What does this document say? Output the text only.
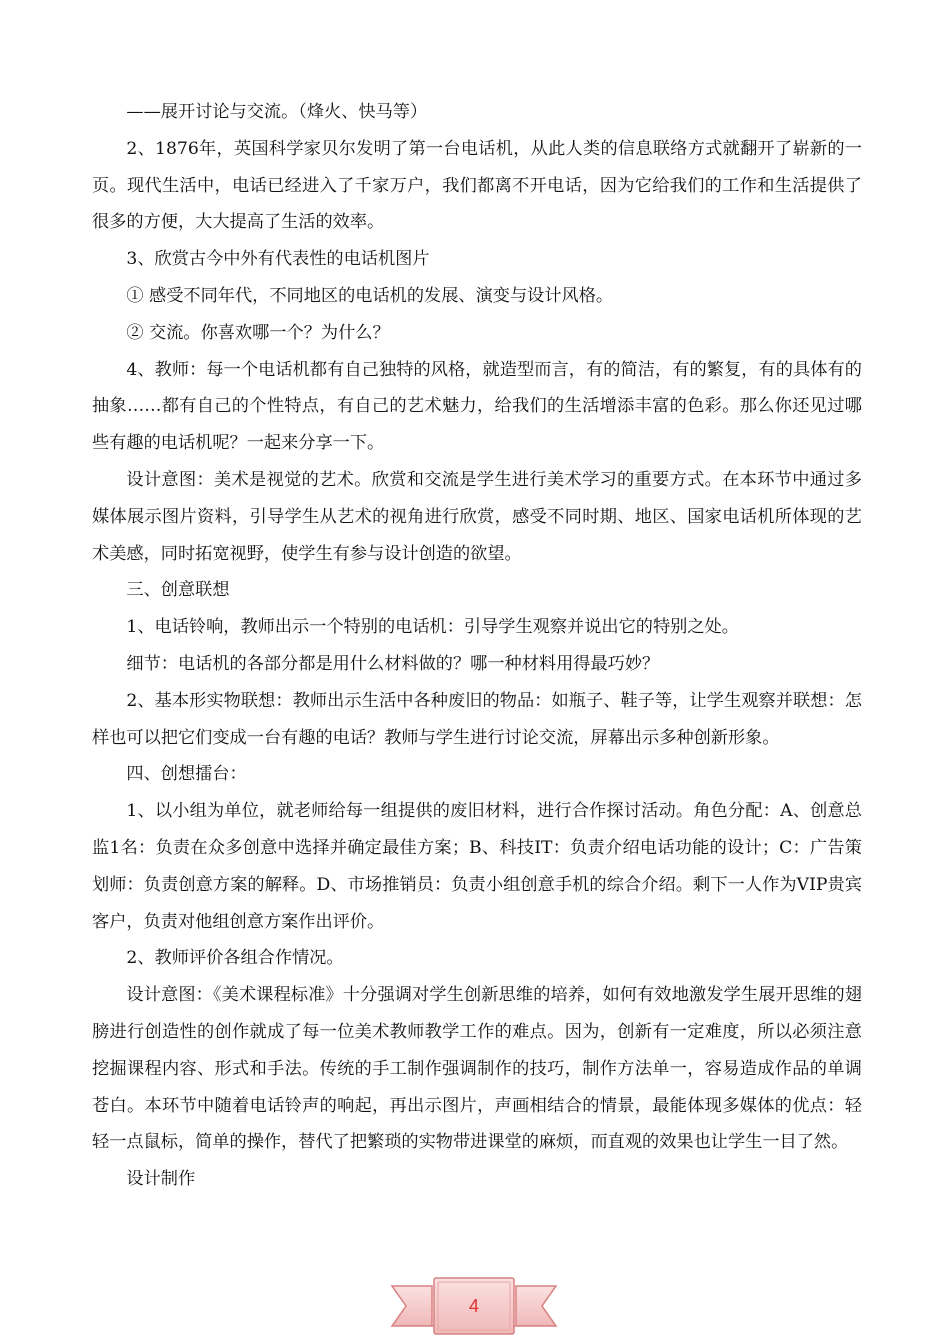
——展开讨论与交流。（烽火、快马等）

2、1876年，英国科学家贝尔发明了第一台电话机，从此人类的信息联络方式就翻开了崭新的一页。现代生活中，电话已经进入了千家万户，我们都离不开电话，因为它给我们的工作和生活提供了很多的方便，大大提高了生活的效率。

3、欣赏古今中外有代表性的电话机图片

① 感受不同年代，不同地区的电话机的发展、演变与设计风格。

② 交流。你喜欢哪一个？为什么？

4、教师：每一个电话机都有自己独特的风格，就造型而言，有的简洁，有的繁复，有的具体有的抽象……都有自己的个性特点，有自己的艺术魅力，给我们的生活增添丰富的色彩。那么你还见过哪些有趣的电话机呢？一起来分享一下。

设计意图：美术是视觉的艺术。欣赏和交流是学生进行美术学习的重要方式。在本环节中通过多媒体展示图片资料，引导学生从艺术的视角进行欣赏，感受不同时期、地区、国家电话机所体现的艺术美感，同时拓宽视野，使学生有参与设计创造的欲望。

三、创意联想

1、电话铃响，教师出示一个特别的电话机：引导学生观察并说出它的特别之处。

细节：电话机的各部分都是用什么材料做的？哪一种材料用得最巧妙？

2、基本形实物联想：教师出示生活中各种废旧的物品：如瓶子、鞋子等，让学生观察并联想：怎样也可以把它们变成一台有趣的电话？教师与学生进行讨论交流，屏幕出示多种创新形象。

四、创想擂台：

1、以小组为单位，就老师给每一组提供的废旧材料，进行合作探讨活动。角色分配：A、创意总监1名：负责在众多创意中选择并确定最佳方案；B、科技IT：负责介绍电话功能的设计；C：广告策划师：负责创意方案的解释。D、市场推销员：负责小组创意手机的综合介绍。剩下一人作为VIP贵宾客户，负责对他组创意方案作出评价。

2、教师评价各组合作情况。

设计意图：《美术课程标准》十分强调对学生创新思维的培养，如何有效地激发学生展开思维的翅膀进行创造性的创作就成了每一位美术教师教学工作的难点。因为，创新有一定难度，所以必须注意挖掘课程内容、形式和手法。传统的手工制作强调制作的技巧，制作方法单一，容易造成作品的单调苍白。本环节中随着电话铃声的响起，再出示图片，声画相结合的情景，最能体现多媒体的优点：轻轻一点鼠标，简单的操作，替代了把繁琐的实物带进课堂的麻烦，而直观的效果也让学生一目了然。

设计制作

4
